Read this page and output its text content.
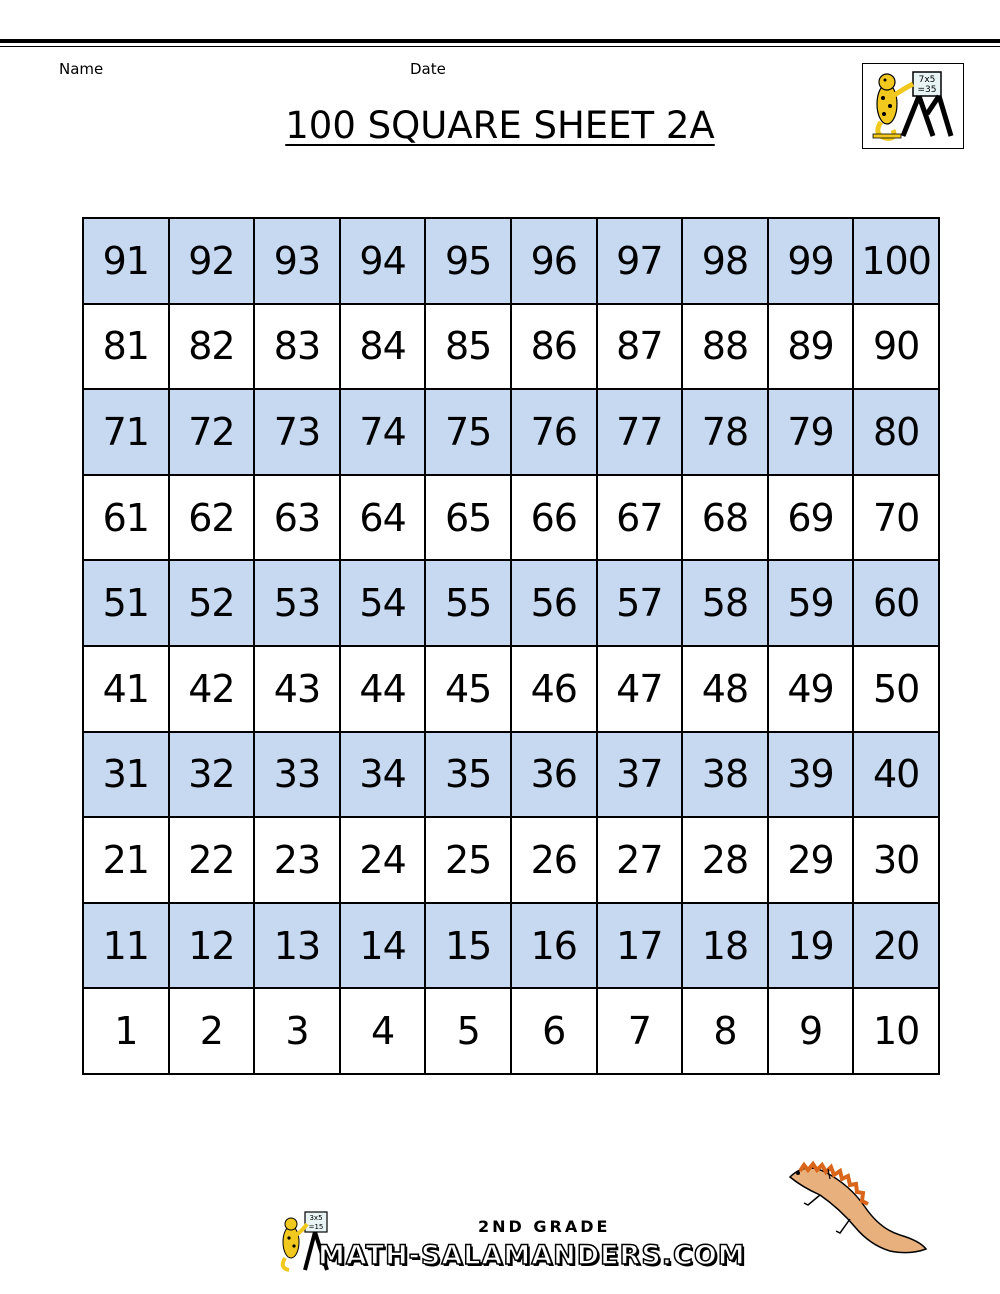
Name	Date
100 SQUARE SHEET 2A
7x5
=35
91	92	93	94	95	96	97	98	99	100
81	82	83	84	85	86	87	88	89	90
71	72	73	74	75	76	77	78	79	80
61	62	63	64	65	66	67	68	69	70
51	52	53	54	55	56	57	58	59	60
41	42	43	44	45	46	47	48	49	50
31	32	33	34	35	36	37	38	39	40
21	22	23	24	25	26	27	28	29	30
11	12	13	14	15	16	17	18	19	20
1	2	3	4	5	6	7	8	9	10
3x5
=15	2ND GRADE
MATH-SALAMANDERS.COM
